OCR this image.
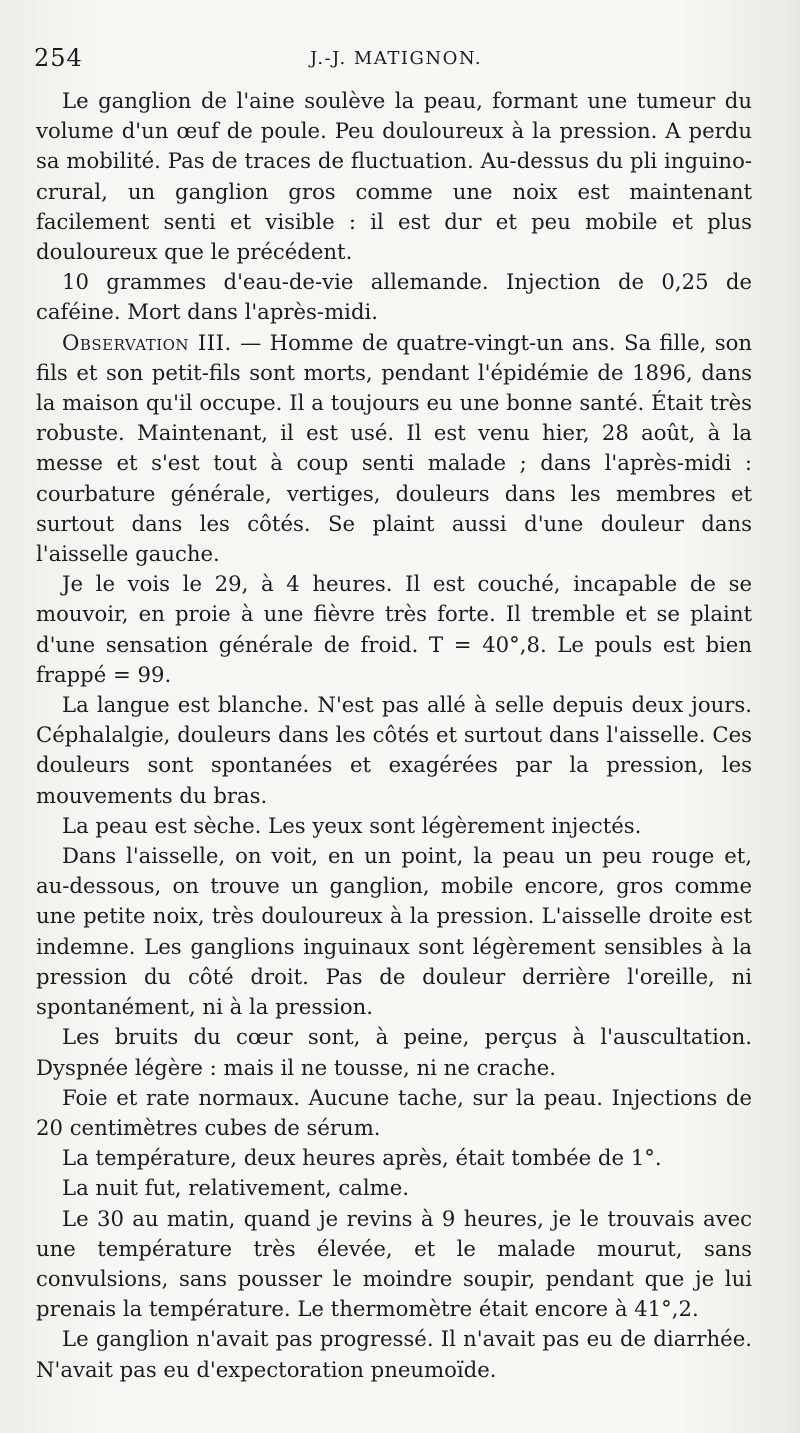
254	J.-J. MATIGNON.

Le ganglion de l'aine soulève la peau, formant une tumeur du volume d'un œuf de poule. Peu douloureux à la pression. A perdu sa mobilité. Pas de traces de fluctuation. Au-dessus du pli inguino-crural, un ganglion gros comme une noix est maintenant facilement senti et visible : il est dur et peu mobile et plus douloureux que le précédent.

10 grammes d'eau-de-vie allemande. Injection de 0,25 de caféine. Mort dans l'après-midi.

Observation III. — Homme de quatre-vingt-un ans. Sa fille, son fils et son petit-fils sont morts, pendant l'épidémie de 1896, dans la maison qu'il occupe. Il a toujours eu une bonne santé. Était très robuste. Maintenant, il est usé. Il est venu hier, 28 août, à la messe et s'est tout à coup senti malade ; dans l'après-midi : courbature générale, vertiges, douleurs dans les membres et surtout dans les côtés. Se plaint aussi d'une douleur dans l'aisselle gauche.

Je le vois le 29, à 4 heures. Il est couché, incapable de se mouvoir, en proie à une fièvre très forte. Il tremble et se plaint d'une sensation générale de froid. T = 40°,8. Le pouls est bien frappé = 99.

La langue est blanche. N'est pas allé à selle depuis deux jours. Céphalalgie, douleurs dans les côtés et surtout dans l'aisselle. Ces douleurs sont spontanées et exagérées par la pression, les mouvements du bras.

La peau est sèche. Les yeux sont légèrement injectés.

Dans l'aisselle, on voit, en un point, la peau un peu rouge et, au-dessous, on trouve un ganglion, mobile encore, gros comme une petite noix, très douloureux à la pression. L'aisselle droite est indemne. Les ganglions inguinaux sont légèrement sensibles à la pression du côté droit. Pas de douleur derrière l'oreille, ni spontanément, ni à la pression.

Les bruits du cœur sont, à peine, perçus à l'auscultation. Dyspnée légère : mais il ne tousse, ni ne crache.

Foie et rate normaux. Aucune tache, sur la peau. Injections de 20 centimètres cubes de sérum.

La température, deux heures après, était tombée de 1°.

La nuit fut, relativement, calme.

Le 30 au matin, quand je revins à 9 heures, je le trouvais avec une température très élevée, et le malade mourut, sans convulsions, sans pousser le moindre soupir, pendant que je lui prenais la température. Le thermomètre était encore à 41°,2.

Le ganglion n'avait pas progressé. Il n'avait pas eu de diarrhée. N'avait pas eu d'expectoration pneumoïde.
